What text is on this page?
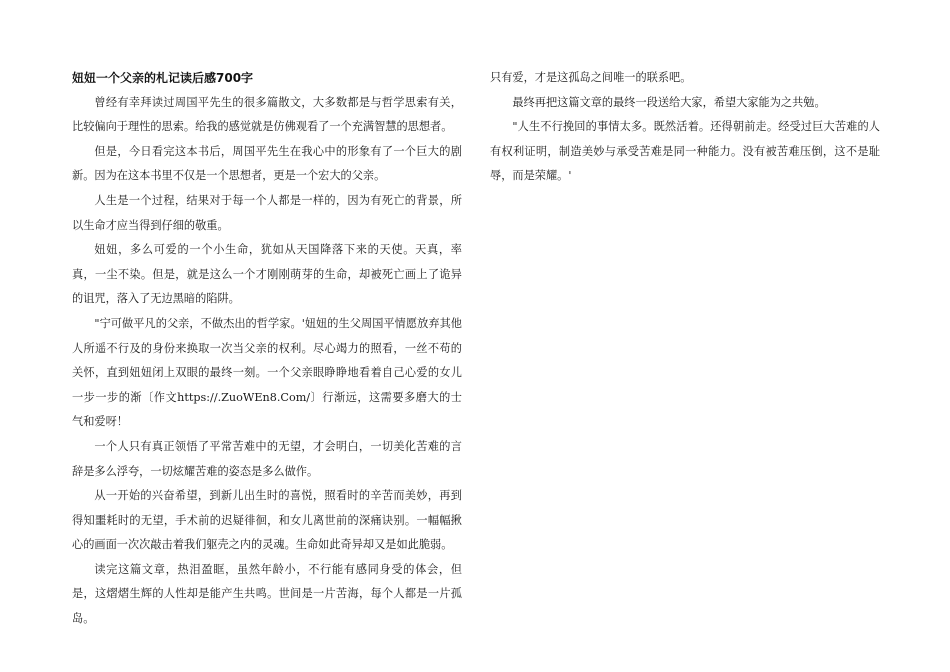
妞妞一个父亲的札记读后感700字

曾经有幸拜读过周国平先生的很多篇散文，大多数都是与哲学思索有关，比较偏向于理性的思索。给我的感觉就是仿佛观看了一个充满智慧的思想者。

但是，今日看完这本书后，周国平先生在我心中的形象有了一个巨大的剧新。因为在这本书里不仅是一个思想者，更是一个宏大的父亲。

人生是一个过程，结果对于每一个人都是一样的，因为有死亡的背景，所以生命才应当得到仔细的敬重。

妞妞，多么可爱的一个小生命，犹如从天国降落下来的天使。天真，率真，一尘不染。但是，就是这么一个才刚刚萌芽的生命，却被死亡画上了诡异的诅咒，落入了无边黑暗的陷阱。

"宁可做平凡的父亲，不做杰出的哲学家。'妞妞的生父周国平情愿放弃其他人所遥不行及的身份来换取一次当父亲的权利。尽心竭力的照看，一丝不苟的关怀，直到妞妞闭上双眼的最终一刻。一个父亲眼睁睁地看着自己心爱的女儿一步一步的渐〔作文https://.ZuoWEn8.Com/〕行渐远，这需要多磨大的士气和爱呀！

一个人只有真正领悟了平常苦难中的无望，才会明白，一切美化苦难的言辞是多么浮夸，一切炫耀苦难的姿态是多么做作。

从一开始的兴奋希望，到新儿出生时的喜悦，照看时的辛苦而美妙，再到得知噩耗时的无望，手术前的迟疑徘徊，和女儿离世前的深痛诀别。一幅幅揪心的画面一次次敲击着我们躯壳之内的灵魂。生命如此奇异却又是如此脆弱。

读完这篇文章，热泪盈眶，虽然年龄小，不行能有感同身受的体会，但是，这熠熠生辉的人性却是能产生共鸣。世间是一片苦海，每个人都是一片孤岛。

只有爱，才是这孤岛之间唯一的联系吧。

最终再把这篇文章的最终一段送给大家，希望大家能为之共勉。

"人生不行挽回的事情太多。既然活着。还得朝前走。经受过巨大苦难的人有权利证明，制造美妙与承受苦难是同一种能力。没有被苦难压倒，这不是耻辱，而是荣耀。'
